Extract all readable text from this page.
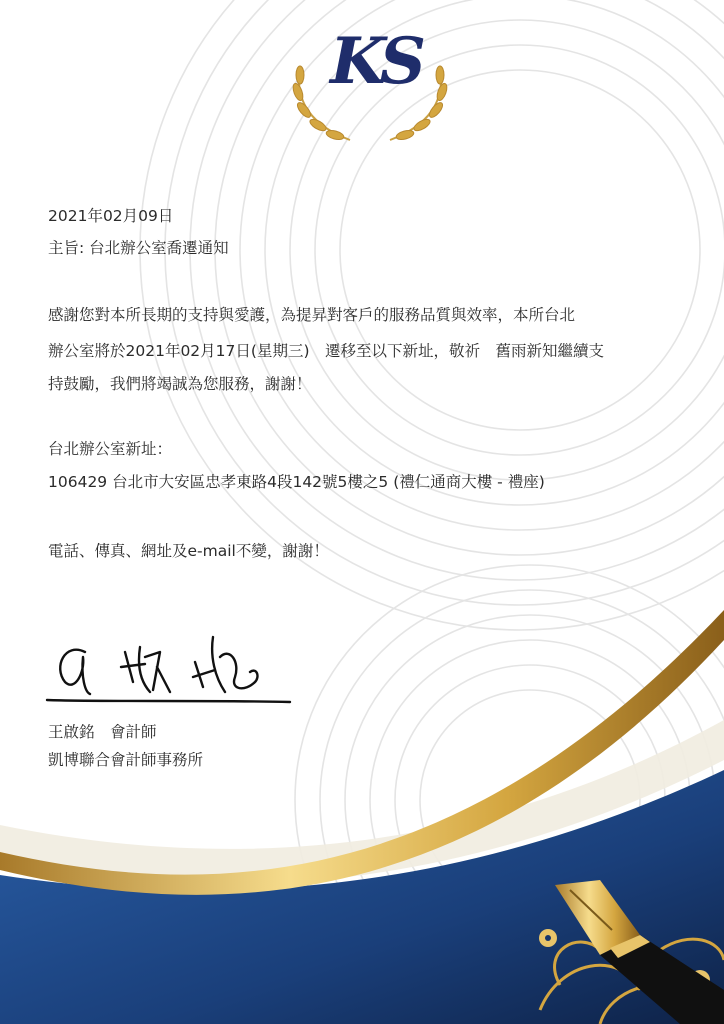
KS
2021年02月09日
主旨: 台北辦公室喬遷通知
感謝您對本所長期的支持與愛護，為提昇對客戶的服務品質與效率，本所台北
辦公室將於2021年02月17日(星期三)　遷移至以下新址，敬祈　舊雨新知繼續支
持鼓勵，我們將竭誠為您服務，謝謝！
台北辦公室新址：
106429 台北市大安區忠孝東路4段142號5樓之5 (禮仁通商大樓 - 禮座)
電話、傳真、網址及e-mail不變，謝謝！
王啟銘　會計師
凱博聯合會計師事務所
